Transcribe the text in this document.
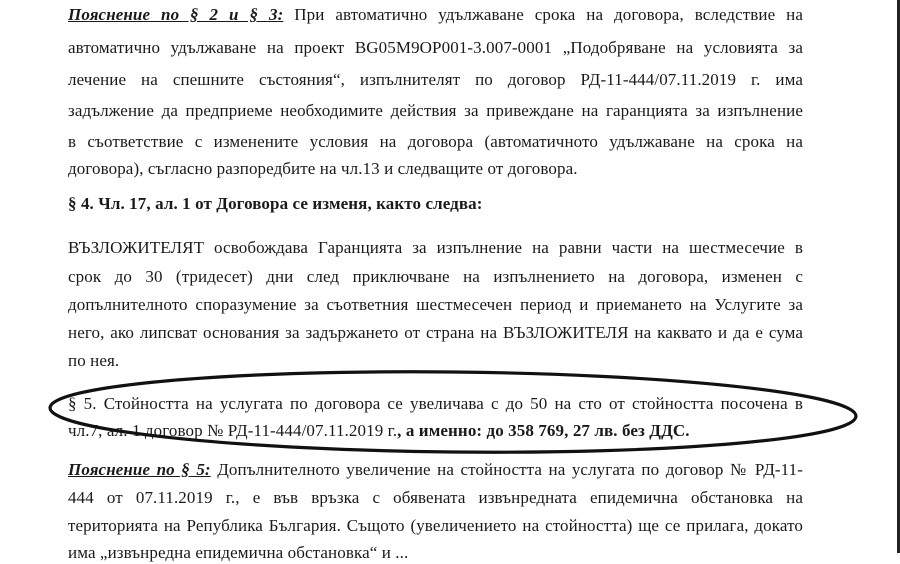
Пояснение по § 2 и § 3: При автоматично удължаване срока на договора, вследствие на
автоматично удължаване на проект BG05M9OP001-3.007-0001 „Подобряване на условията за
лечение на спешните състояния“, изпълнителят по договор РД-11-444/07.11.2019 г. има
задължение да предприеме необходимите действия за привеждане на гаранцията за изпълнение
в съответствие с изменените условия на договора (автоматичното удължаване на срока на
договора), съгласно разпоредбите на чл.13 и следващите от договора.
§ 4. Чл. 17, ал. 1 от Договора се изменя, както следва:
ВЪЗЛОЖИТЕЛЯТ освобождава Гаранцията за изпълнение на равни части на шестмесечие в
срок до 30 (тридесет) дни след приключване на изпълнението на договора, изменен с
допълнителното споразумение за съответния шестмесечен период и приемането на Услугите за
него, ако липсват основания за задържането от страна на ВЪЗЛОЖИТЕЛЯ на каквато и да е сума
по нея.
§ 5. Стойността на услугата по договора се увеличава с до 50 на сто от стойността посочена в
чл.7, ал. 1 договор № РД-11-444/07.11.2019 г., а именно: до 358 769, 27 лв. без ДДС.
Пояснение по § 5: Допълнителното увеличение на стойността на услугата по договор № РД-11-
444 от 07.11.2019 г., е във връзка с обявената извънредната епидемична обстановка на
територията на Република България. Същото (увеличението на стойността) ще се прилага, докато
има „извънредна епидемична обстановка“ и ...
